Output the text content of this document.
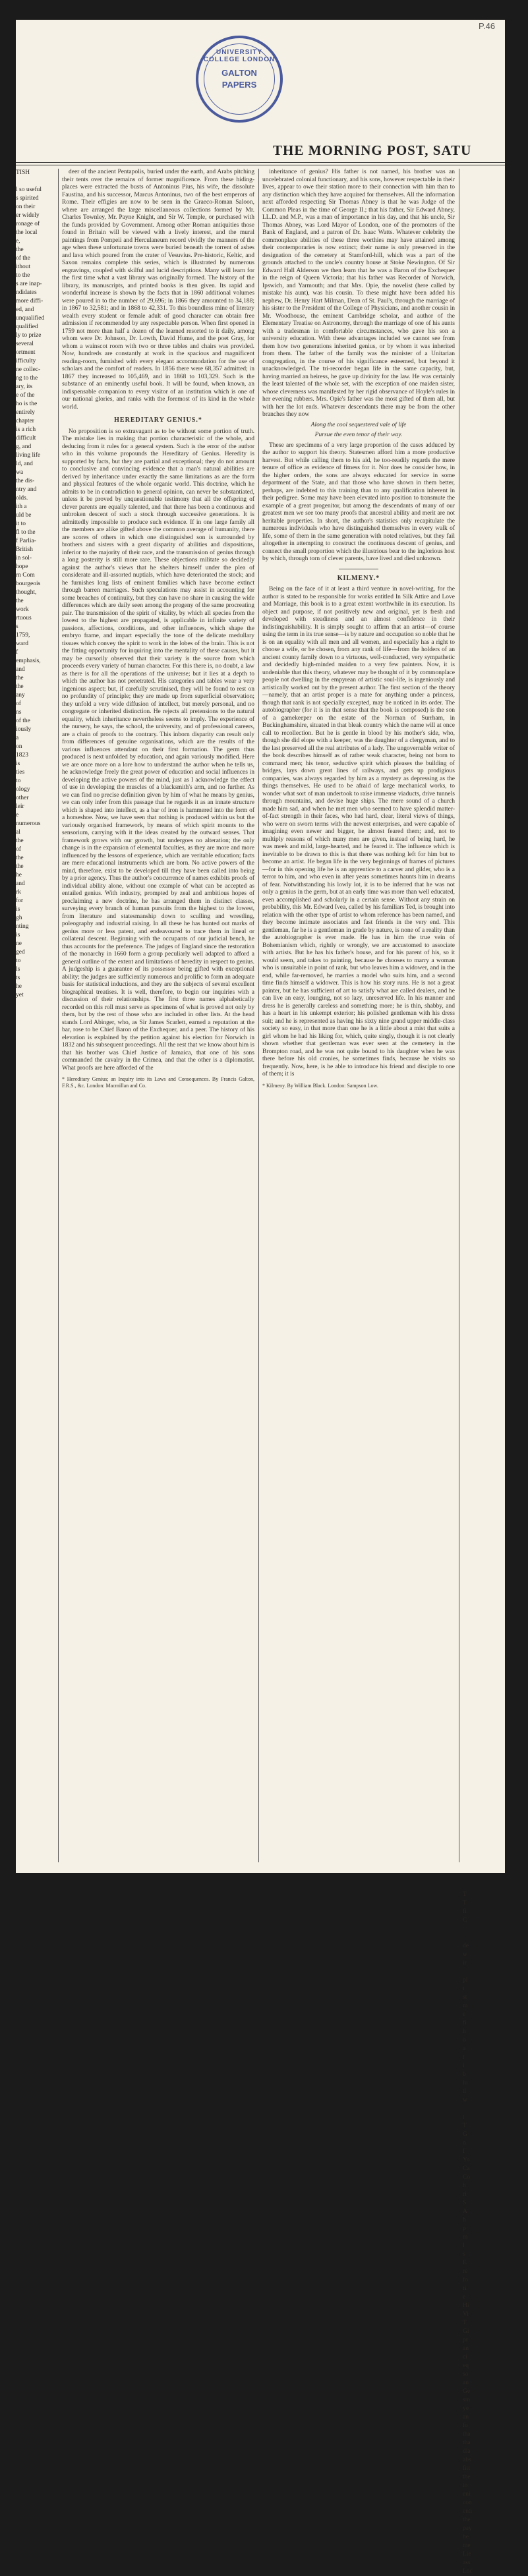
P.46
UNIVERSITY COLLEGE LONDON
GALTON
PAPERS
THE MORNING POST, SATU
TISH

l so useful
s spirited
on their
er widely
ronage of
the local
e,
the
of the
ithout
to the
s are inap-
ndidates
more diffi-
ed, and
unqualified
qualified
ly to prize
several
ortment
ifficulty
ne collec-
ng to the
ary, its
e of the
ho is the
entirely
chapter
is a rich
difficult
g, and
living life
ld, and
wa
the dis-
ntry and
olds.
ith a
uld be
it to
fl to the
f Parlia-
British
in sol-
hope
rn Com
bourgeois
thought,
the
work
rtuous
s
1759,
ward
f
emphasis,
and
the
the
any
of
ns
of the
iously
a
on
1823
is
ties
to
ology
other
leir
e
numerous
al
the
of
the
the
he
and
rk
for
is
gh
nting
is
ne
ged
to
ls
ts
he
yet

deer of the ancient Pentapolis, buried under the earth, and Arabs pitching their tents over the remains of former magnificence. From these hiding-places were extracted the busts of Antoninus Pius, his wife, the dissolute Faustina, and his successor, Marcus Antoninus, two of the best emperors of Rome. Their effigies are now to be seen in the Graeco-Roman Saloon, where are arranged the large miscellaneous collections formed by Mr. Charles Townley, Mr. Payne Knight, and Sir W. Temple, or purchased with the funds provided by Government. Among other Roman antiquities those found in Britain will be viewed with a lively interest, and the mural paintings from Pompeii and Herculaneum record vividly the manners of the age when these unfortunate towns were buried beneath the torrent of ashes and lava which poured from the crater of Vesuvius. Pre-historic, Keltic, and Saxon remains complete this series, which is illustrated by numerous engravings, coupled with skilful and lucid descriptions. Many will learn for the first time what a vast library was originally formed. The history of the library, its manuscripts, and printed books is then given. Its rapid and wonderful increase is shown by the facts that in 1860 additional volumes were poured in to the number of 29,696; in 1866 they amounted to 34,188; in 1867 to 32,581; and in 1868 to 42,331. To this boundless mine of literary wealth every student or female adult of good character can obtain free admission if recommended by any respectable person. When first opened in 1759 not more than half a dozen of the learned resorted to it daily, among whom were Dr. Johnson, Dr. Lowth, David Hume, and the poet Gray, for whom a wainscot room with two or three tables and chairs was provided. Now, hundreds are constantly at work in the spacious and magnificent reading-room, furnished with every elegant accommodation for the use of scholars and the comfort of readers. In 1856 there were 68,357 admitted; in 1867 they increased to 105,469, and in 1868 to 103,329. Such is the substance of an eminently useful book. It will be found, when known, an indispensable companion to every visitor of an institution which is one of our national glories, and ranks with the foremost of its kind in the whole world.

HEREDITARY GENIUS.*

No proposition is so extravagant as to be without some portion of truth. The mistake lies in making that portion characteristic of the whole, and deducing from it rules for a general system. Such is the error of the author who in this volume propounds the Hereditary of Genius. Heredity is supported by facts, but they are partial and exceptional; they do not amount to conclusive and convincing evidence that a man's natural abilities are derived by inheritance under exactly the same limitations as are the form and physical features of the whole organic world. This doctrine, which he admits to be in contradiction to general opinion, can never be substantiated, unless it be proved by unquestionable testimony that all the offspring of clever parents are equally talented, and that there has been a continuous and unbroken descent of such a stock through successive generations. It is admittedly impossible to produce such evidence. If in one large family all the members are alike gifted above the common average of humanity, there are scores of others in which one distinguished son is surrounded by brothers and sisters with a great disparity of abilities and dispositions, inferior to the majority of their race, and the transmission of genius through a long posterity is still more rare. These objections militate so decidedly against the author's views that he shelters himself under the plea of considerate and ill-assorted nuptials, which have deteriorated the stock; and he furnishes long lists of eminent families which have become extinct through barren marriages. Such speculations may assist in accounting for some breaches of continuity, but they can have no share in causing the wide differences which are daily seen among the progeny of the same procreating pair. The transmission of the spirit of vitality, by which all species from the lowest to the highest are propagated, is applicable in infinite variety of passions, affections, conditions, and other influences, which shape the embryo frame, and impart especially the tone of the delicate medullary tissues which convey the spirit to work in the lobes of the brain. This is not the fitting opportunity for inquiring into the mentality of these causes, but it may be cursorily observed that their variety is the source from which proceeds every variety of human character. For this there is, no doubt, a law as there is for all the operations of the universe; but it lies at a depth to which the author has not penetrated. His categories and tables wear a very ingenious aspect; but, if carefully scrutinised, they will be found to rest on no profundity of principle; they are made up from superficial observation; they unfold a very wide diffusion of intellect, but merely personal, and no congregate or inherited distinction. He rejects all pretensions to the natural equality, which inheritance nevertheless seems to imply. The experience of the nursery, he says, the school, the university, and of professional careers, are a chain of proofs to the contrary. This inborn disparity can result only from differences of genuine organisations, which are the results of the various influences attendant on their first formation. The germ thus produced is next unfolded by education, and again variously modified. Here we are once more on a lore how to understand the author when he tells us, he acknowledge freely the great power of education and social influences in developing the active powers of the mind, just as I acknowledge the effect of use in developing the muscles of a blacksmith's arm, and no further. As we can find no precise definition given by him of what he means by genius, we can only infer from this passage that he regards it as an innate structure which is shaped into intellect, as a bar of iron is hammered into the form of a horseshoe. Now, we have seen that nothing is produced within us but the variously organised framework, by means of which spirit mounts to the sensorium, carrying with it the ideas created by the outward senses. That framework grows with our growth, but undergoes no alteration; the only change is in the expansion of elemental faculties, as they are more and more influenced by the lessons of experience, which are veritable education; facts are mere educational instruments which are born. No active powers of the mind, therefore, exist to be developed till they have been called into being by a prior agency. Thus the author's concurrence of names exhibits proofs of individual ability alone, without one example of what can be accepted as entailed genius. With industry, prompted by zeal and ambitious hopes of proclaiming a new doctrine, he has arranged them in distinct classes, surveying every branch of human pursuits from the highest to the lowest, from literature and statesmanship down to sculling and wrestling, poleography and industrial raising. In all these he has hunted out marks of genius more or less patent, and endeavoured to trace them in lineal or collateral descent. Beginning with the occupants of our judicial bench, he thus accounts for the preference. The judges of England since the restoration of the monarchy in 1660 form a group peculiarly well adapted to afford a general outline of the extent and limitations of heredity in respect to genius. A judgeship is a guarantee of its possessor being gifted with exceptional ability; the judges are sufficiently numerous and prolific to form an adequate basis for statistical inductions, and they are the subjects of several excellent biographical treatises. It is well, therefore, to begin our inquiries with a discussion of their relationships. The first three names alphabetically recorded on this roll must serve as specimens of what is proved not only by them, but by the rest of those who are included in other lists. At the head stands Lord Abinger, who, as Sir James Scarlett, earned a reputation at the bar, rose to be Chief Baron of the Exchequer, and a peer. The history of his elevation is explained by the petition against his election for Norwich in 1832 and his subsequent proceedings. All the rest that we know about him is that his brother was Chief Justice of Jamaica, that one of his sons commanded the cavalry in the Crimea, and that the other is a diplomatist. What proofs are here afforded of the

* Hereditary Genius; an Inquiry into its Laws and Consequences. By Francis Galton, F.R.S., &c. London: Macmillan and Co.

inheritance of genius? His father is not named, his brother was an uncelebrated colonial functionary, and his sons, however respectable in their lives, appear to owe their station more to their connection with him than to any distinction which they have acquired for themselves. All the information next afforded respecting Sir Thomas Abney is that he was Judge of the Common Pleas in the time of George II.; that his father, Sir Edward Abney, LL.D. and M.P., was a man of importance in his day, and that his uncle, Sir Thomas Abney, was Lord Mayor of London, one of the promoters of the Bank of England, and a patron of Dr. Isaac Watts. Whatever celebrity the commonplace abilities of these three worthies may have attained among their contemporaries is now extinct; their name is only preserved in the designation of the cemetery at Stamford-hill, which was a part of the grounds attached to the uncle's country house at Stoke Newington. Of Sir Edward Hall Alderson we then learn that he was a Baron of the Exchequer in the reign of Queen Victoria; that his father was Recorder of Norwich, Ipswich, and Yarmouth; and that Mrs. Opie, the novelist (here called by mistake his aunt), was his cousin. To these might have been added his nephew, Dr. Henry Hart Milman, Dean of St. Paul's, through the marriage of his sister to the President of the College of Physicians, and another cousin in Mr. Woodhouse, the eminent Cambridge scholar, and author of the Elementary Treatise on Astronomy, through the marriage of one of his aunts with a tradesman in comfortable circumstances, who gave his son a university education. With these advantages included we cannot see from them how two generations inherited genius, or by whom it was inherited from them. The father of the family was the minister of a Unitarian congregation, in the course of his significance esteemed, but beyond it unacknowledged. The tri-recorder began life in the same capacity, but, having married an heiress, he gave up divinity for the law. He was certainly the least talented of the whole set, with the exception of one maiden sister, whose cleverness was manifested by her rigid observance of Hoyle's rules in her evening rubbers. Mrs. Opie's father was the most gifted of them all, but with her the lot ends. Whatever descendants there may be from the other branches they now

Along the cool sequestered vale of life

Pursue the even tenor of their way.

These are specimens of a very large proportion of the cases adduced by the author to support his theory. Statesmen afford him a more productive harvest. But while calling them to his aid, he too-readily regards the mere tenure of office as evidence of fitness for it. Nor does he consider how, in the higher orders, the sons are always educated for service in some department of the State, and that those who have shown in them better, perhaps, are indebted to this training than to any qualification inherent in their pedigree. Some may have been elevated into position to transmute the example of a great progenitor, but among the descendants of many of our greatest men we see too many proofs that ancestral ability and merit are not heritable properties. In short, the author's statistics only recapitulate the numerous individuals who have distinguished themselves in every walk of life, some of them in the same generation with noted relatives, but they fail altogether in attempting to construct the continuous descent of genius, and connect the small proportion which the illustrious bear to the inglorious host by which, through torn of clever parents, have lived and died unknown.

KILMENY.*

Being on the face of it at least a third venture in novel-writing, for the author is stated to be responsible for works entitled In Silk Attire and Love and Marriage, this book is to a great extent worthwhile in its execution. Its object and purpose, if not positively new and original, yet is fresh and developed with steadiness and an almost confidence in their indistinguishability. It is simply sought to affirm that an artist—of course using the term in its true sense—is by nature and occupation so noble that he is on an equality with all men and all women, and especially has a right to choose a wife, or be chosen, from any rank of life—from the holders of an ancient county family down to a virtuous, well-conducted, very sympathetic and decidedly high-minded maiden to a very few painters. Now, it is undeniable that this theory, whatever may be thought of it by commonplace people not dwelling in the empyrean of artistic soul-life, is ingeniously and artistically worked out by the present author. The first section of the theory—namely, that an artist proper is a mate for anything under a princess, though that rank is not specially excepted, may be noticed in its order. The autobiographer (for it is in that sense that the book is composed) is the son of a gamekeeper on the estate of the Norman of Surrham, in Buckinghamshire, situated in that bleak country which the name will at once call to recollection. But he is gentle in blood by his mother's side, who, though she did elope with a keeper, was the daughter of a clergyman, and to the last preserved all the real attributes of a lady. The ungovernable writer of the book describes himself as of rather weak character, being not born to command men; his tenor, seductive spirit which pleases the building of bridges, lays down great lines of railways, and gets up prodigious companies, was always regarded by him as a mystery as depressing as the things themselves. He used to be afraid of large mechanical works, to wonder what sort of man undertook to raise immense viaducts, drive tunnels through mountains, and devise huge ships. The mere sound of a church made him sad, and when he met men who seemed to have splendid matter-of-fact strength in their faces, who had hard, clear, literal views of things, who were on sworn terms with the newest enterprises, and were capable of imagining even newer and bigger, he almost feared them; and, not to multiply reasons of which many men are given, instead of being hard, he was meek and mild, large-hearted, and he feared it. The influence which is inevitable to be drawn to this is that there was nothing left for him but to become an artist. He began life in the very beginnings of frames of pictures—for in this opening life he is an apprentice to a carver and gilder, who is a terror to him, and who even in after years sometimes haunts him in dreams of fear. Notwithstanding his lowly lot, it is to be inferred that he was not only a genius in the germ, but at an early time was more than well educated, even accomplished and scholarly in a certain sense. Without any strain on probability, this Mr. Edward Ivea, called by his familiars Ted, is brought into relation with the other type of artist to whom reference has been named, and they become intimate associates and fast friends in the very end. This gentleman, far he is a gentleman in grade by nature, is none of a reality than the autobiographer is ever made. He has in him the true vein of Bohemianism which, rightly or wrongly, we are accustomed to associate with artists. But he has his father's house, and for his parent of his, so it would seem, and takes to painting, because he chooses to marry a woman who is unsuitable in point of rank, but who leaves him a widower, and in the end, while far-removed, he marries a model who suits him, and a second time finds himself a widower. This is how his story runs. He is not a great painter, but he has sufficient of art to satisfy what are called dealers, and he can live an easy, lounging, not so lazy, unreserved life. In his manner and dress he is generally careless and something more; he is thin, shabby, and has a heart in his unkempt exterior; his polished gentleman with his dress suit; and he is represented as having his sixty nine grand upper middle-class society so easy, in that more than one he is a little about a mist that suits a girl whom he had his liking for, which, quite singly, though it is not clearly shown whether that gentleman was ever seen at the cemetery in the Brompton road, and he was not quite bound to his daughter when he was there before his old cronies, he sometimes finds, because he visits so frequently. Now, here, is he able to introduce his friend and disciple to one of them; it is

* Kilmeny. By William Black. London: Sampson Low.

T
T
fi
C

de
w
ir

pi
t
st
m
e
fi
h
o
a
t
i
b
lu
tl
w

t
T
G
n
I
Yo
Ca
Co
h
ri
S
A
h
p
m
I
s
E
re
fo
ri
e
Hi
Vi
T
Gi
pr
an
ci
eq
so
an
Ge
sm
ye
an
fo
tha
tha
dia
abs
fitt
the
to
eni
con
enti
the
pay
he
me
Lie
ass
Loc
